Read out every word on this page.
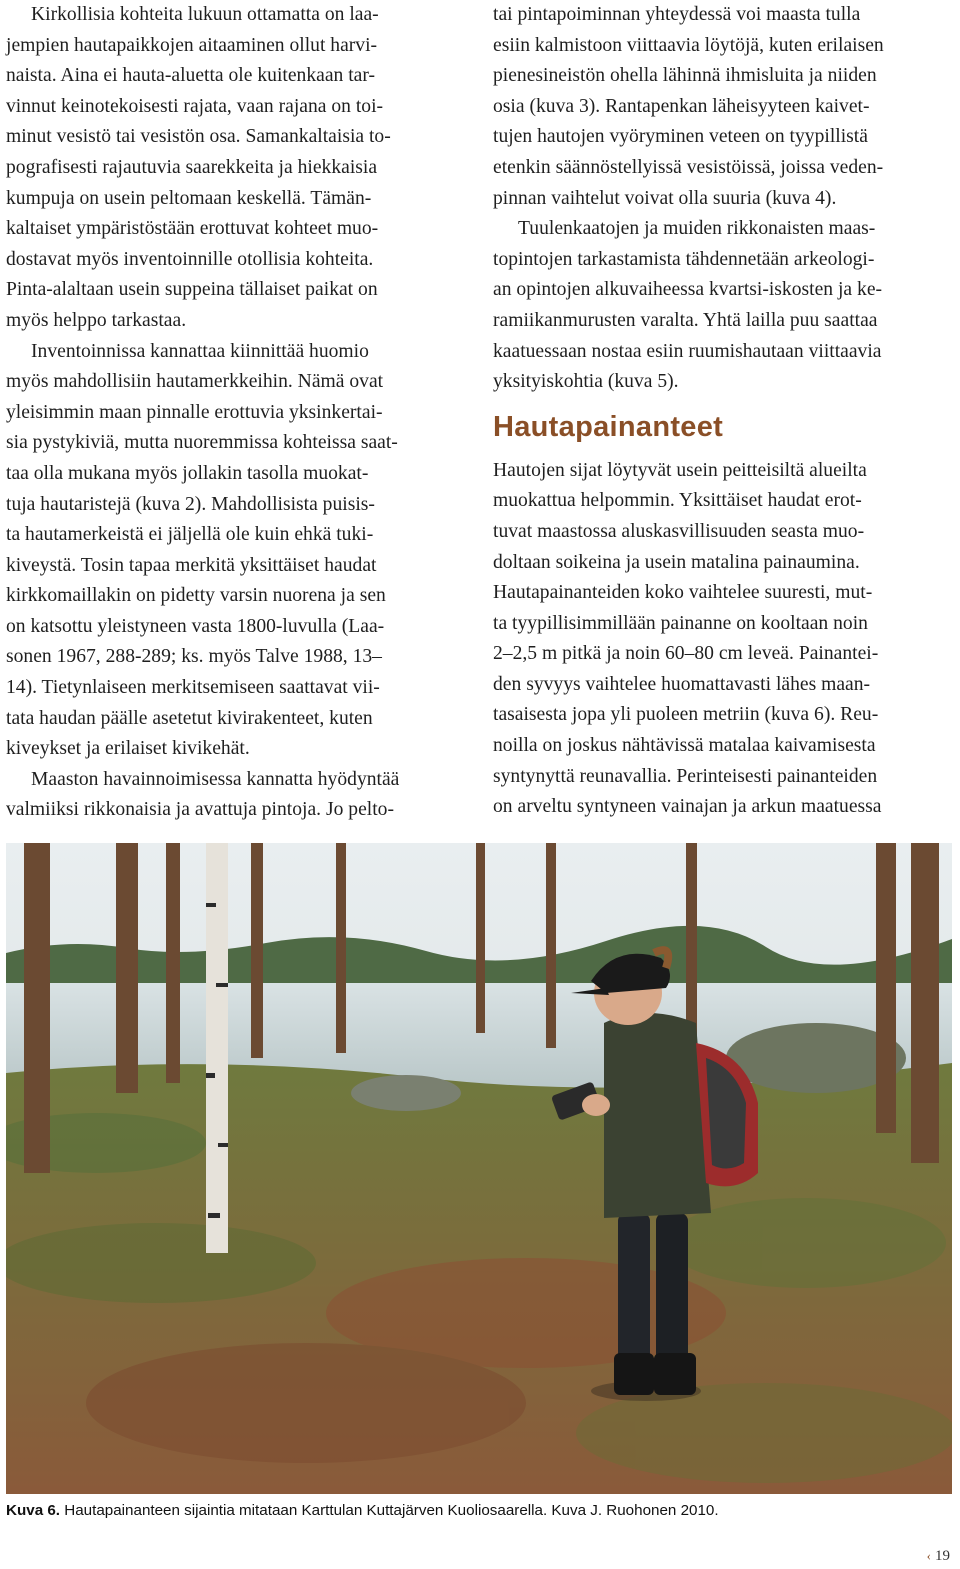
Kirkollisia kohteita lukuun ottamatta on laa-
jempien hautapaikkojen aitaaminen ollut harvi-
naista. Aina ei hauta-aluetta ole kuitenkaan tar-
vinnut keinotekoisesti rajata, vaan rajana on toi-
minut vesistö tai vesistön osa. Samankaltaisia to-
pografisesti rajautuvia saarekkeita ja hiekkaisia
kumpuja on usein peltomaan keskellä. Tämän-
kaltaiset ympäristöstään erottuvat kohteet muo-
dostavat myös inventoinnille otollisia kohteita.
Pinta-alaltaan usein suppeina tällaiset paikat on
myös helppo tarkastaa.
Inventoinnissa kannattaa kiinnittää huomio
myös mahdollisiin hautamerkkeihin. Nämä ovat
yleisimmin maan pinnalle erottuvia yksinkertai-
sia pystykiviä, mutta nuoremmissa kohteissa saat-
taa olla mukana myös jollakin tasolla muokat-
tuja hautaristejä (kuva 2). Mahdollisista puisis-
ta hautamerkeistä ei jäljellä ole kuin ehkä tuki-
kiveystä. Tosin tapaa merkitä yksittäiset haudat
kirkkomaillakin on pidetty varsin nuorena ja sen
on katsottu yleistyneen vasta 1800-luvulla (Laa-
sonen 1967, 288-289; ks. myös Talve 1988, 13–
14). Tietynlaiseen merkitsemiseen saattavat vii-
tata haudan päälle asetetut kivirakenteet, kuten
kiveykset ja erilaiset kivikehät.
Maaston havainnoimisessa kannatta hyödyntää
valmiiksi rikkonaisia ja avattuja pintoja. Jo pelto-
tai pintapoiminnan yhteydessä voi maasta tulla
esiin kalmistoon viittaavia löytöjä, kuten erilaisen
pienesineistön ohella lähinnä ihmisluita ja niiden
osia (kuva 3). Rantapenkan läheisyyteen kaivet-
tujen hautojen vyöryminen veteen on tyypillistä
etenkin säännöstellyissä vesistöissä, joissa veden-
pinnan vaihtelut voivat olla suuria (kuva 4).
Tuulenkaatojen ja muiden rikkonaisten maas-
topintojen tarkastamista tähdennetään arkeologi-
an opintojen alkuvaiheessa kvartsi-iskosten ja ke-
ramiikanmurusten varalta. Yhtä lailla puu saattaa
kaatuessaan nostaa esiin ruumishautaan viittaavia
yksityiskohtia (kuva 5).
Hautapainanteet
Hautojen sijat löytyvät usein peitteisiltä alueilta
muokattua helpommin. Yksittäiset haudat erot-
tuvat maastossa aluskasvillisuuden seasta muo-
doltaan soikeina ja usein matalina painaumina.
Hautapainanteiden koko vaihtelee suuresti, mut-
ta tyypillisimmillään painanne on kooltaan noin
2–2,5 m pitkä ja noin 60–80 cm leveä. Painantei-
den syvyys vaihtelee huomattavasti lähes maan-
tasaisesta jopa yli puoleen metriin (kuva 6). Reu-
noilla on joskus nähtävissä matalaa kaivamisesta
syntynyttä reunavallia. Perinteisesti painanteiden
on arveltu syntyneen vainajan ja arkun maatuessa
Kuva 6. Hautapainanteen sijaintia mitataan Karttulan Kuttajärven Kuoliosaarella. Kuva J. Ruohonen 2010.
‹ 19
